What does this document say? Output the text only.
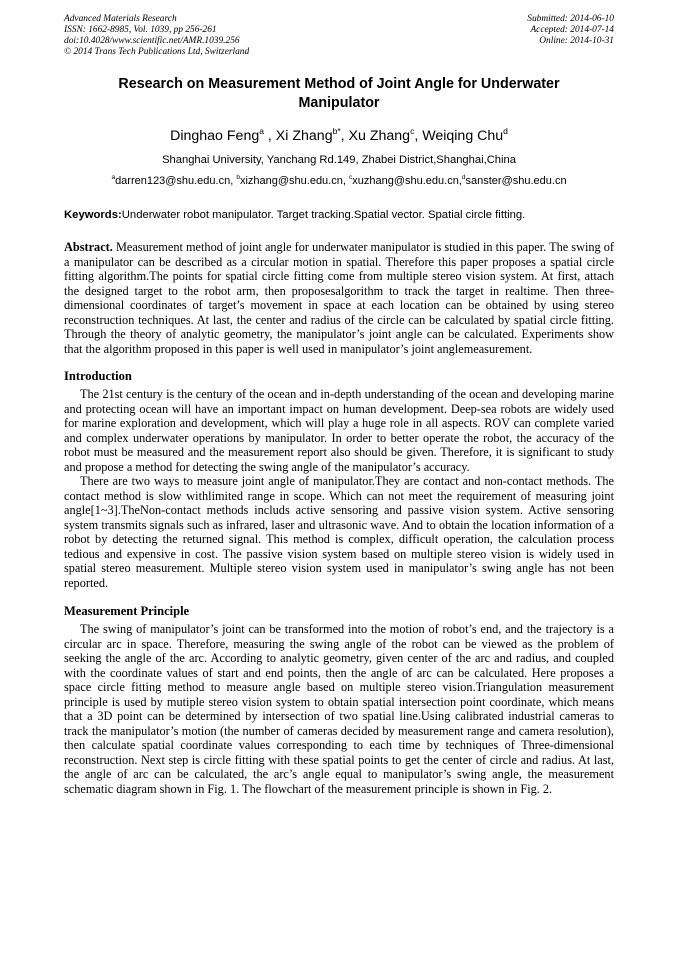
Advanced Materials Research
ISSN: 1662-8985, Vol. 1039, pp 256-261
doi:10.4028/www.scientific.net/AMR.1039.256
© 2014 Trans Tech Publications Ltd, Switzerland
Submitted: 2014-06-10
Accepted: 2014-07-14
Online: 2014-10-31
Research on Measurement Method of Joint Angle for Underwater Manipulator
Dinghao Feng$^a$ , Xi Zhang$^{b*}$, Xu Zhang$^c$, Weiqing Chu$^d$
Shanghai University, Yanchang Rd.149, Zhabei District,Shanghai,China
$^a$darren123@shu.edu.cn, $^b$xizhang@shu.edu.cn, $^c$xuzhang@shu.edu.cn,$^d$sanster@shu.edu.cn
Keywords:Underwater robot manipulator. Target tracking.Spatial vector. Spatial circle fitting.
Abstract. Measurement method of joint angle for underwater manipulator is studied in this paper. The swing of a manipulator can be described as a circular motion in spatial. Therefore this paper proposes a spatial circle fitting algorithm.The points for spatial circle fitting come from multiple stereo vision system. At first, attach the designed target to the robot arm, then proposesalgorithm to track the target in realtime. Then three-dimensional coordinates of target’s movement in space at each location can be obtained by using stereo reconstruction techniques. At last, the center and radius of the circle can be calculated by spatial circle fitting. Through the theory of analytic geometry, the manipulator’s joint angle can be calculated. Experiments show that the algorithm proposed in this paper is well used in manipulator’s joint anglemeasurement.
Introduction

The 21st century is the century of the ocean and in-depth understanding of the ocean and developing marine and protecting ocean will have an important impact on human development. Deep-sea robots are widely used for marine exploration and development, which will play a huge role in all aspects. ROV can complete varied and complex underwater operations by manipulator. In order to better operate the robot, the accuracy of the robot must be measured and the measurement report also should be given. Therefore, it is significant to study and propose a method for detecting the swing angle of the manipulator’s accuracy.

There are two ways to measure joint angle of manipulator.They are contact and non-contact methods. The contact method is slow withlimited range in scope. Which can not meet the requirement of measuring joint angle[1~3].TheNon-contact methods includs active sensoring and passive vision system. Active sensoring system transmits signals such as infrared, laser and ultrasonic wave. And to obtain the location information of a robot by detecting the returned signal. This method is complex, difficult operation, the calculation process tedious and expensive in cost. The passive vision system based on multiple stereo vision is widely used in spatial stereo measurement. Multiple stereo vision system used in manipulator’s swing angle has not been reported.

Measurement Principle

The swing of manipulator’s joint can be transformed into the motion of robot’s end, and the trajectory is a circular arc in space. Therefore, measuring the swing angle of the robot can be viewed as the problem of seeking the angle of the arc. According to analytic geometry, given center of the arc and radius, and coupled with the coordinate values of start and end points, then the angle of arc can be calculated. Here proposes a space circle fitting method to measure angle based on multiple stereo vision.Triangulation measurement principle is used by mutiple stereo vision system to obtain spatial intersection point coordinate, which means that a 3D point can be determined by intersection of two spatial line.Using calibrated industrial cameras to track the manipulator’s motion (the number of cameras decided by measurement range and camera resolution), then calculate spatial coordinate values corresponding to each time by techniques of Three-dimensional reconstruction. Next step is circle fitting with these spatial points to get the center of circle and radius. At last, the angle of arc can be calculated, the arc’s angle equal to manipulator’s swing angle, the measurement schematic diagram shown in Fig. 1. The flowchart of the measurement principle is shown in Fig. 2.
